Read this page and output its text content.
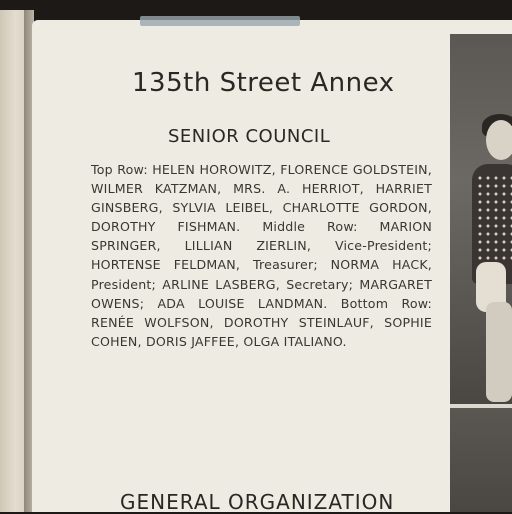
135th Street Annex
SENIOR COUNCIL

Top Row: HELEN HOROWITZ, FLORENCE GOLDSTEIN, WILMER KATZMAN, MRS. A. HERRIOT, HARRIET GINSBERG, SYLVIA LEIBEL, CHARLOTTE GORDON, DOROTHY FISHMAN. Middle Row: MARION SPRINGER, LILLIAN ZIERLIN, Vice-President; HORTENSE FELDMAN, Treasurer; NORMA HACK, President; ARLINE LASBERG, Secretary; MARGARET OWENS; ADA LOUISE LANDMAN. Bottom Row: RENÉE WOLFSON, DOROTHY STEINLAUF, SOPHIE COHEN, DORIS JAFFEE, OLGA ITALIANO.

GENERAL ORGANIZATION
